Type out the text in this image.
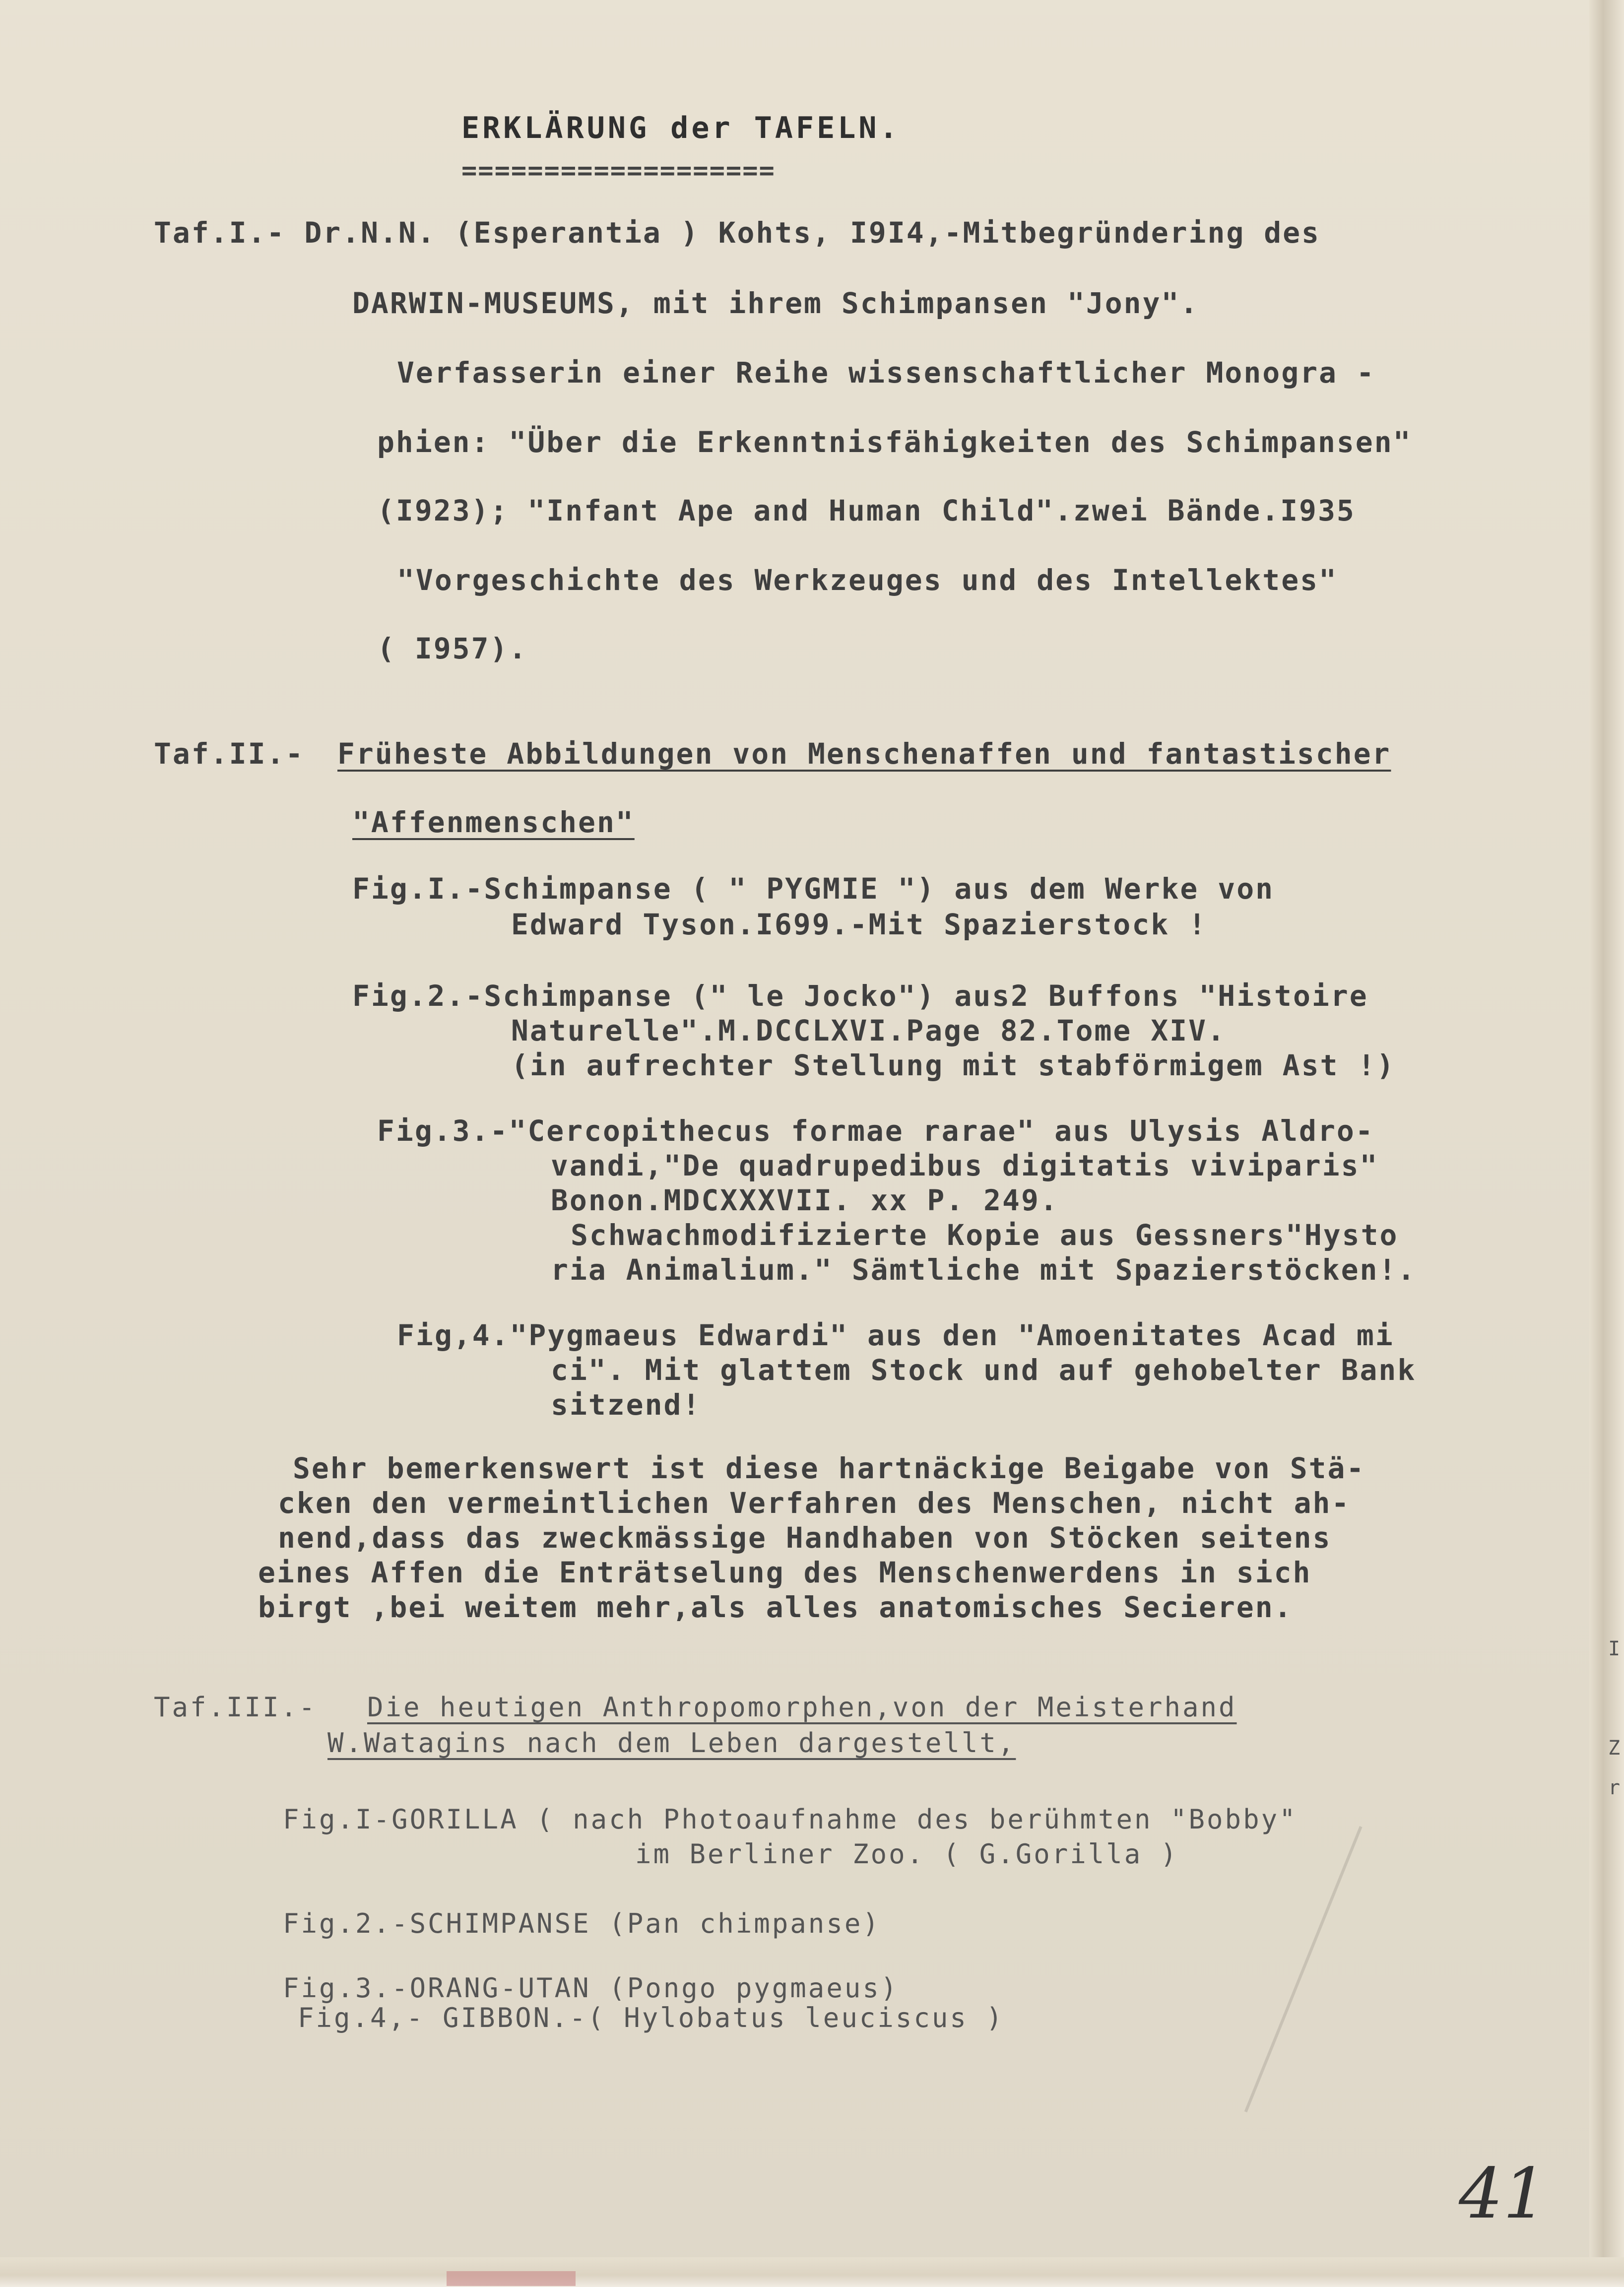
I
Z
r
ERKLÄRUNG der TAFELN.
===================
Taf.I.- Dr.N.N. (Esperantia ) Kohts, I9I4,-Mitbegründering des
DARWIN-MUSEUMS, mit ihrem Schimpansen "Jony".
Verfasserin einer Reihe wissenschaftlicher Monogra -
phien: "Über die Erkenntnisfähigkeiten des Schimpansen"
(I923); "Infant Ape and Human Child".zwei Bände.I935
"Vorgeschichte des Werkzeuges und des Intellektes"
( I957).
Taf.II.- Früheste Abbildungen von Menschenaffen und fantastischer
"Affenmenschen"
Fig.I.-Schimpanse ( " PYGMIE ") aus dem Werke von
Edward Tyson.I699.-Mit Spazierstock !
Fig.2.-Schimpanse (" le Jocko") aus2 Buffons "Histoire
Naturelle".M.DCCLXVI.Page 82.Tome XIV.
(in aufrechter Stellung mit stabförmigem Ast !)
Fig.3.-"Cercopithecus formae rarae" aus Ulysis Aldro-
vandi,"De quadrupedibus digitatis viviparis"
Bonon.MDCXXXVII. xx P. 249.
Schwachmodifizierte Kopie aus Gessners"Hysto
ria Animalium." Sämtliche mit Spazierstöcken!.
Fig,4."Pygmaeus Edwardi" aus den "Amoenitates Acad mi
ci". Mit glattem Stock und auf gehobelter Bank
sitzend!
Sehr bemerkenswert ist diese hartnäckige Beigabe von Stä-
cken den vermeintlichen Verfahren des Menschen, nicht ah-
nend,dass das zweckmässige Handhaben von Stöcken seitens
eines Affen die Enträtselung des Menschenwerdens in sich
birgt ,bei weitem mehr,als alles anatomisches Secieren.
Taf.III.- Die heutigen Anthropomorphen,von der Meisterhand
W.Watagins nach dem Leben dargestellt,
Fig.I-GORILLA ( nach Photoaufnahme des berühmten "Bobby"
im Berliner Zoo. ( G.Gorilla )
Fig.2.-SCHIMPANSE (Pan chimpanse)
Fig.3.-ORANG-UTAN (Pongo pygmaeus)
Fig.4,- GIBBON.-( Hylobatus leuciscus )
41
